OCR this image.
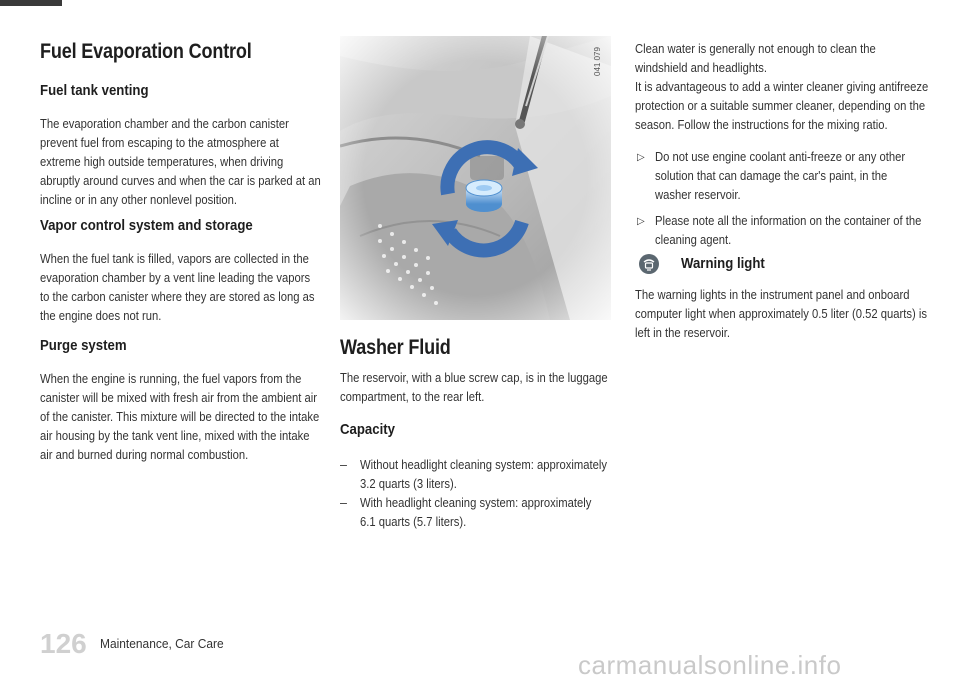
Fuel Evaporation Control
Fuel tank venting

The evaporation chamber and the carbon canister prevent fuel from escaping to the atmosphere at extreme high outside temperatures, when driving abruptly around curves and when the car is parked at an incline or in any other nonlevel position.

Vapor control system and storage

When the fuel tank is filled, vapors are collected in the evaporation chamber by a vent line leading the vapors to the carbon canister where they are stored as long as the engine does not run.

Purge system

When the engine is running, the fuel vapors from the canister will be mixed with fresh air from the ambient air of the canister. This mixture will be directed to the intake air housing by the tank vent line, mixed with the intake air and burned during normal combustion.

041 079
Washer Fluid

The reservoir, with a blue screw cap, is in the luggage compartment, to the rear left.

Capacity
– Without headlight cleaning system: approximately 3.2 quarts (3 liters).
– With headlight cleaning system: approximately 6.1 quarts (5.7 liters).

Clean water is generally not enough to clean the windshield and headlights.

It is advantageous to add a winter cleaner giving antifreeze protection or a suitable summer cleaner, depending on the season. Follow the instructions for the mixing ratio.

▷ Do not use engine coolant anti-freeze or any other solution that can damage the car's paint, in the washer reservoir.
▷ Please note all the information on the container of the cleaning agent.
Warning light

The warning lights in the instrument panel and onboard computer light when approximately 0.5 liter (0.52 quarts) is left in the reservoir.

126 Maintenance, Car Care
carmanualsonline.info
